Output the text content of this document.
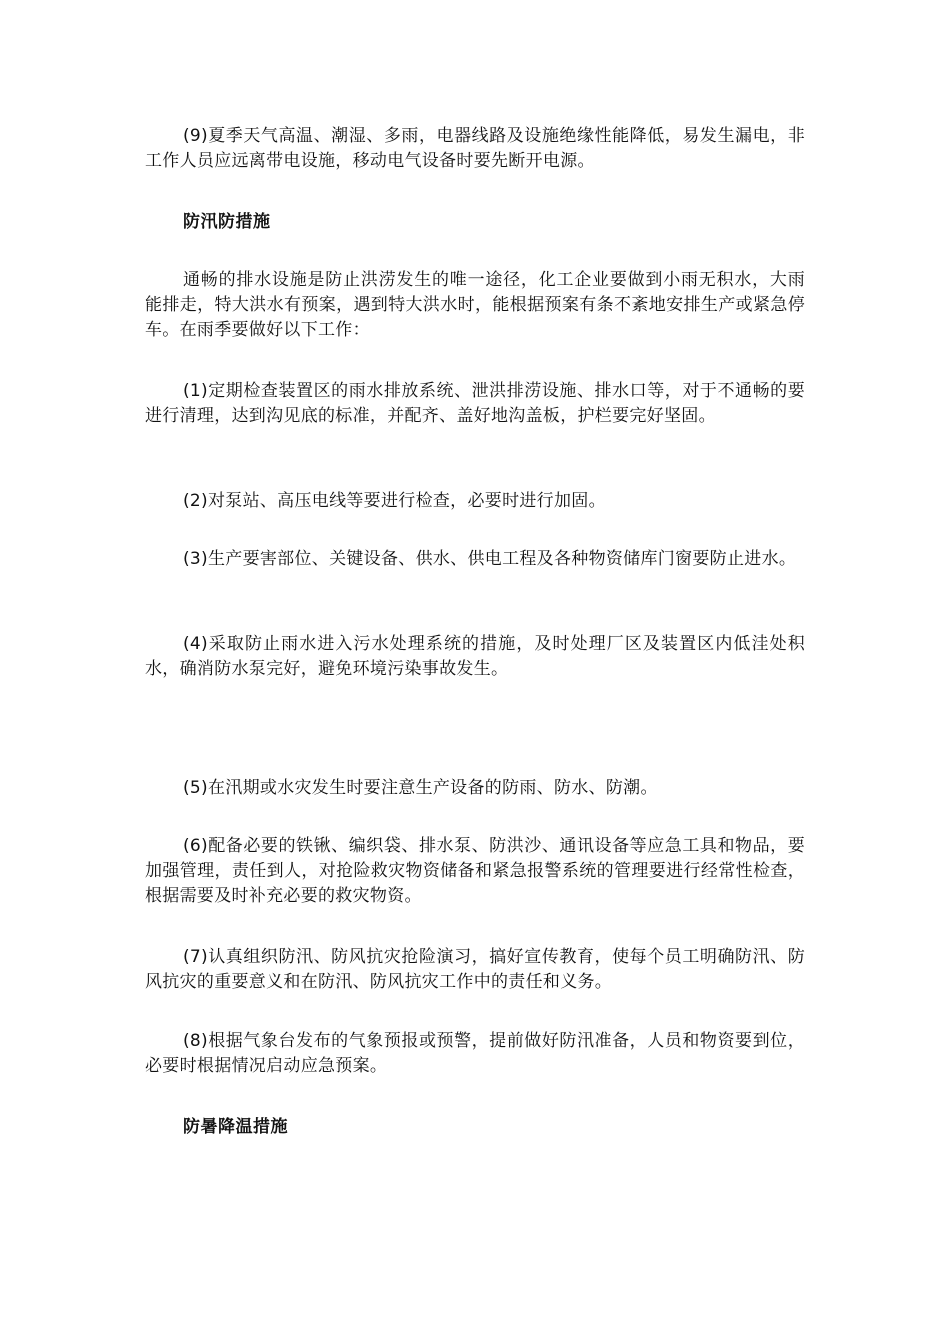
(9)夏季天气高温、潮湿、多雨，电器线路及设施绝缘性能降低，易发生漏电，非工作人员应远离带电设施，移动电气设备时要先断开电源。

防汛防措施

通畅的排水设施是防止洪涝发生的唯一途径，化工企业要做到小雨无积水，大雨能排走，特大洪水有预案，遇到特大洪水时，能根据预案有条不紊地安排生产或紧急停车。在雨季要做好以下工作：

(1)定期检查装置区的雨水排放系统、泄洪排涝设施、排水口等，对于不通畅的要进行清理，达到沟见底的标准，并配齐、盖好地沟盖板，护栏要完好坚固。

(2)对泵站、高压电线等要进行检查，必要时进行加固。

(3)生产要害部位、关键设备、供水、供电工程及各种物资储库门窗要防止进水。

(4)采取防止雨水进入污水处理系统的措施，及时处理厂区及装置区内低洼处积水，确消防水泵完好，避免环境污染事故发生。

(5)在汛期或水灾发生时要注意生产设备的防雨、防水、防潮。

(6)配备必要的铁锹、编织袋、排水泵、防洪沙、通讯设备等应急工具和物品，要加强管理，责任到人，对抢险救灾物资储备和紧急报警系统的管理要进行经常性检查，根据需要及时补充必要的救灾物资。

(7)认真组织防汛、防风抗灾抢险演习，搞好宣传教育，使每个员工明确防汛、防风抗灾的重要意义和在防汛、防风抗灾工作中的责任和义务。

(8)根据气象台发布的气象预报或预警，提前做好防汛准备，人员和物资要到位，必要时根据情况启动应急预案。

防暑降温措施
